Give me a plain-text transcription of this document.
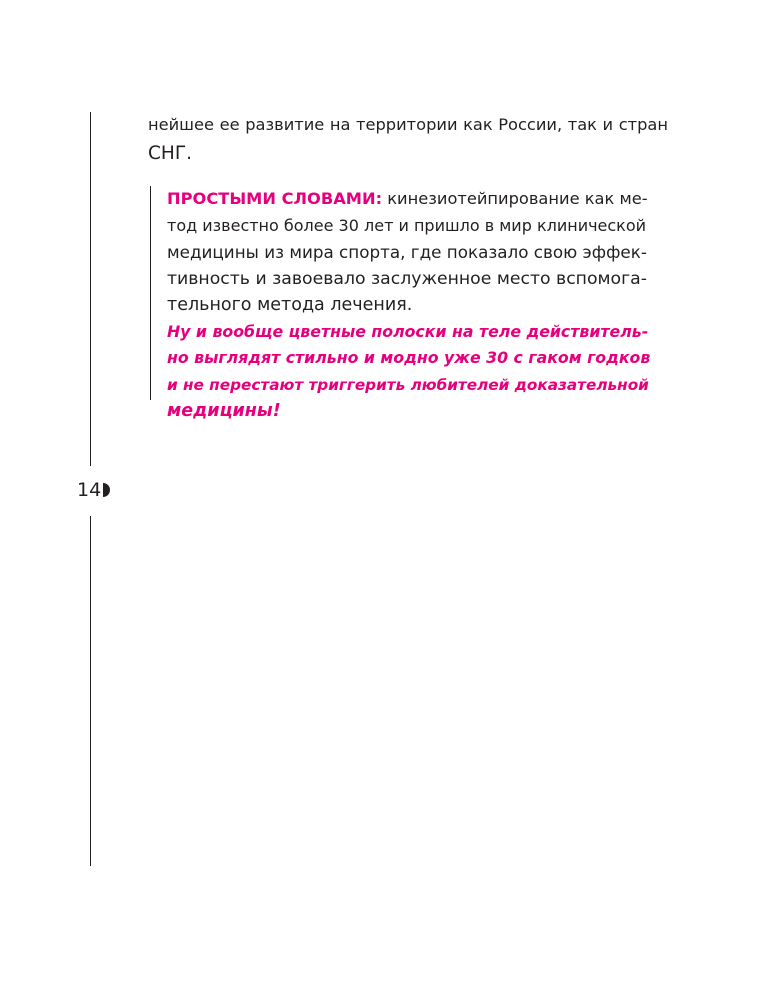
14
нейшее ее развитие на территории как России, так и стран
СНГ.
ПРОСТЫМИ СЛОВАМИ: кинезиотейпирование как ме-
тод известно более 30 лет и пришло в мир клинической
медицины из мира спорта, где показало свою эффек-
тивность и завоевало заслуженное место вспомога-
тельного метода лечения.
Ну и вообще цветные полоски на теле действитель-
но выглядят стильно и модно уже 30 с гаком годков
и не перестают триггерить любителей доказательной
медицины!
